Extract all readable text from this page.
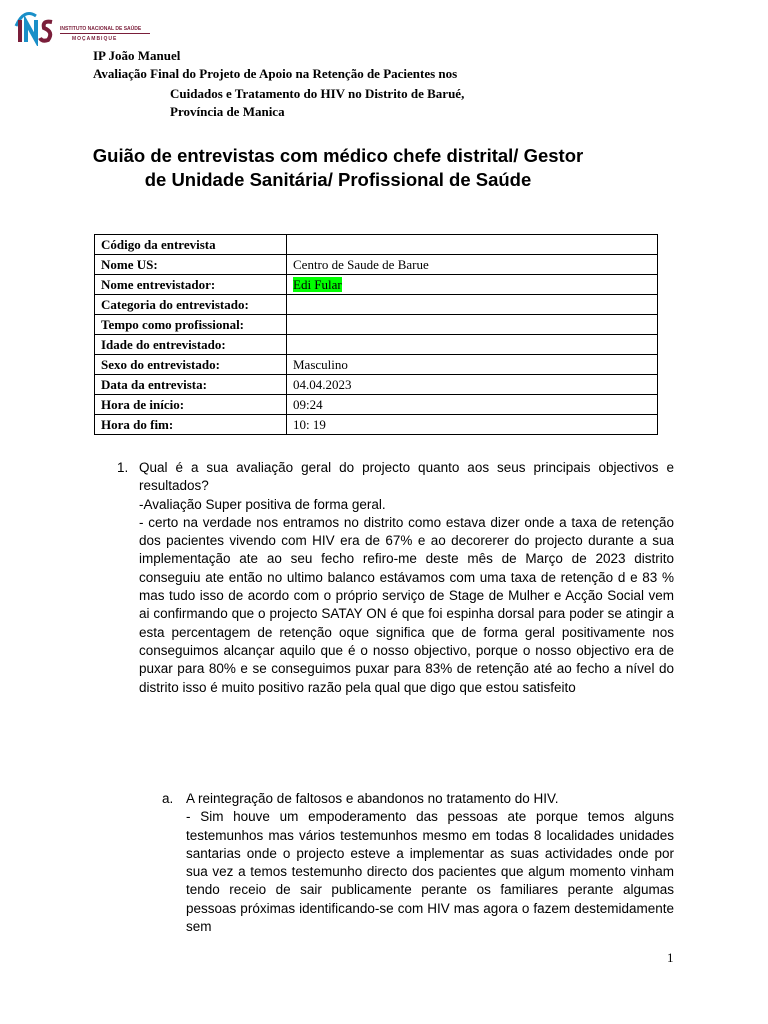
INSTITUTO NACIONAL DE SAÚDE
MOÇAMBIQUE
IP João Manuel
Avaliação Final do Projeto de Apoio na Retenção de Pacientes nos
Cuidados e Tratamento do HIV no Distrito de Barué,
Província de Manica
Guião de entrevistas com médico chefe distrital/ Gestor de Unidade Sanitária/ Profissional de Saúde
Código da entrevista	
Nome US:	Centro de Saude de Barue
Nome entrevistador:	Edi Fular
Categoria do entrevistado:	
Tempo como profissional:	
Idade do entrevistado:	
Sexo do entrevistado:	Masculino
Data da entrevista:	04.04.2023
Hora de início:	09:24
Hora do fim:	10: 19
1. Qual é a sua avaliação geral do projecto quanto aos seus principais objectivos e resultados?

-Avaliação Super positiva de forma geral.

- certo na verdade nos entramos no distrito como estava dizer onde a taxa de retenção dos pacientes vivendo com HIV era de 67% e ao decorerer do projecto durante a sua implementação ate ao seu fecho refiro-me deste mês de Março de 2023 distrito conseguiu ate então no ultimo balanco estávamos com uma taxa de retenção d e 83 % mas tudo isso de acordo com o próprio serviço de Stage de Mulher e Acção Social vem ai confirmando que o projecto SATAY ON é que foi espinha dorsal para poder se atingir a esta percentagem de retenção oque significa que de forma geral positivamente nos conseguimos alcançar aquilo que é o nosso objectivo, porque o nosso objectivo era de puxar para 80% e se conseguimos puxar para 83% de retenção até ao fecho a nível do distrito isso é muito positivo razão pela qual que digo que estou satisfeito

a. A reintegração de faltosos e abandonos no tratamento do HIV.

- Sim houve um empoderamento das pessoas ate porque temos alguns testemunhos mas vários testemunhos mesmo em todas 8 localidades unidades santarias onde o projecto esteve a implementar as suas actividades onde por sua vez a temos testemunho directo dos pacientes que algum momento vinham tendo receio de sair publicamente perante os familiares perante algumas pessoas próximas identificando-se com HIV mas agora o fazem destemidamente sem

1
